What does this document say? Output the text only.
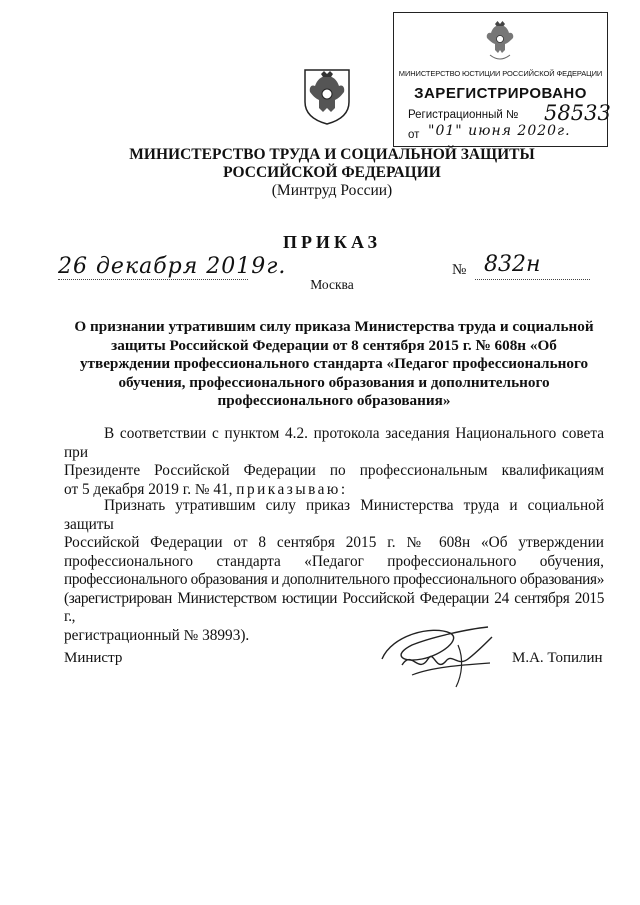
МИНИСТЕРСТВО ЮСТИЦИИ РОССИЙСКОЙ ФЕДЕРАЦИИ
ЗАРЕГИСТРИРОВАНО
Регистрационный № 58533
от "01" июня 2020г.
МИНИСТЕРСТВО ТРУДА И СОЦИАЛЬНОЙ ЗАЩИТЫ
РОССИЙСКОЙ ФЕДЕРАЦИИ
(Минтруд России)
ПРИКАЗ
26 декабря 2019г.	№ 832н
Москва
О признании утратившим силу приказа Министерства труда и социальной защиты Российской Федерации от 8 сентября 2015 г. № 608н «Об утверждении профессионального стандарта «Педагог профессионального обучения, профессионального образования и дополнительного профессионального образования»
В соответствии с пунктом 4.2. протокола заседания Национального совета при
Президенте Российской Федерации по профессиональным квалификациям
от 5 декабря 2019 г. № 41, приказываю:
Признать утратившим силу приказ Министерства труда и социальной защиты
Российской Федерации от 8 сентября 2015 г. № 608н «Об утверждении
профессионального стандарта «Педагог профессионального обучения,
профессионального образования и дополнительного профессионального образования»
(зарегистрирован Министерством юстиции Российской Федерации 24 сентября 2015 г.,
регистрационный № 38993).
Министр	М.А. Топилин
